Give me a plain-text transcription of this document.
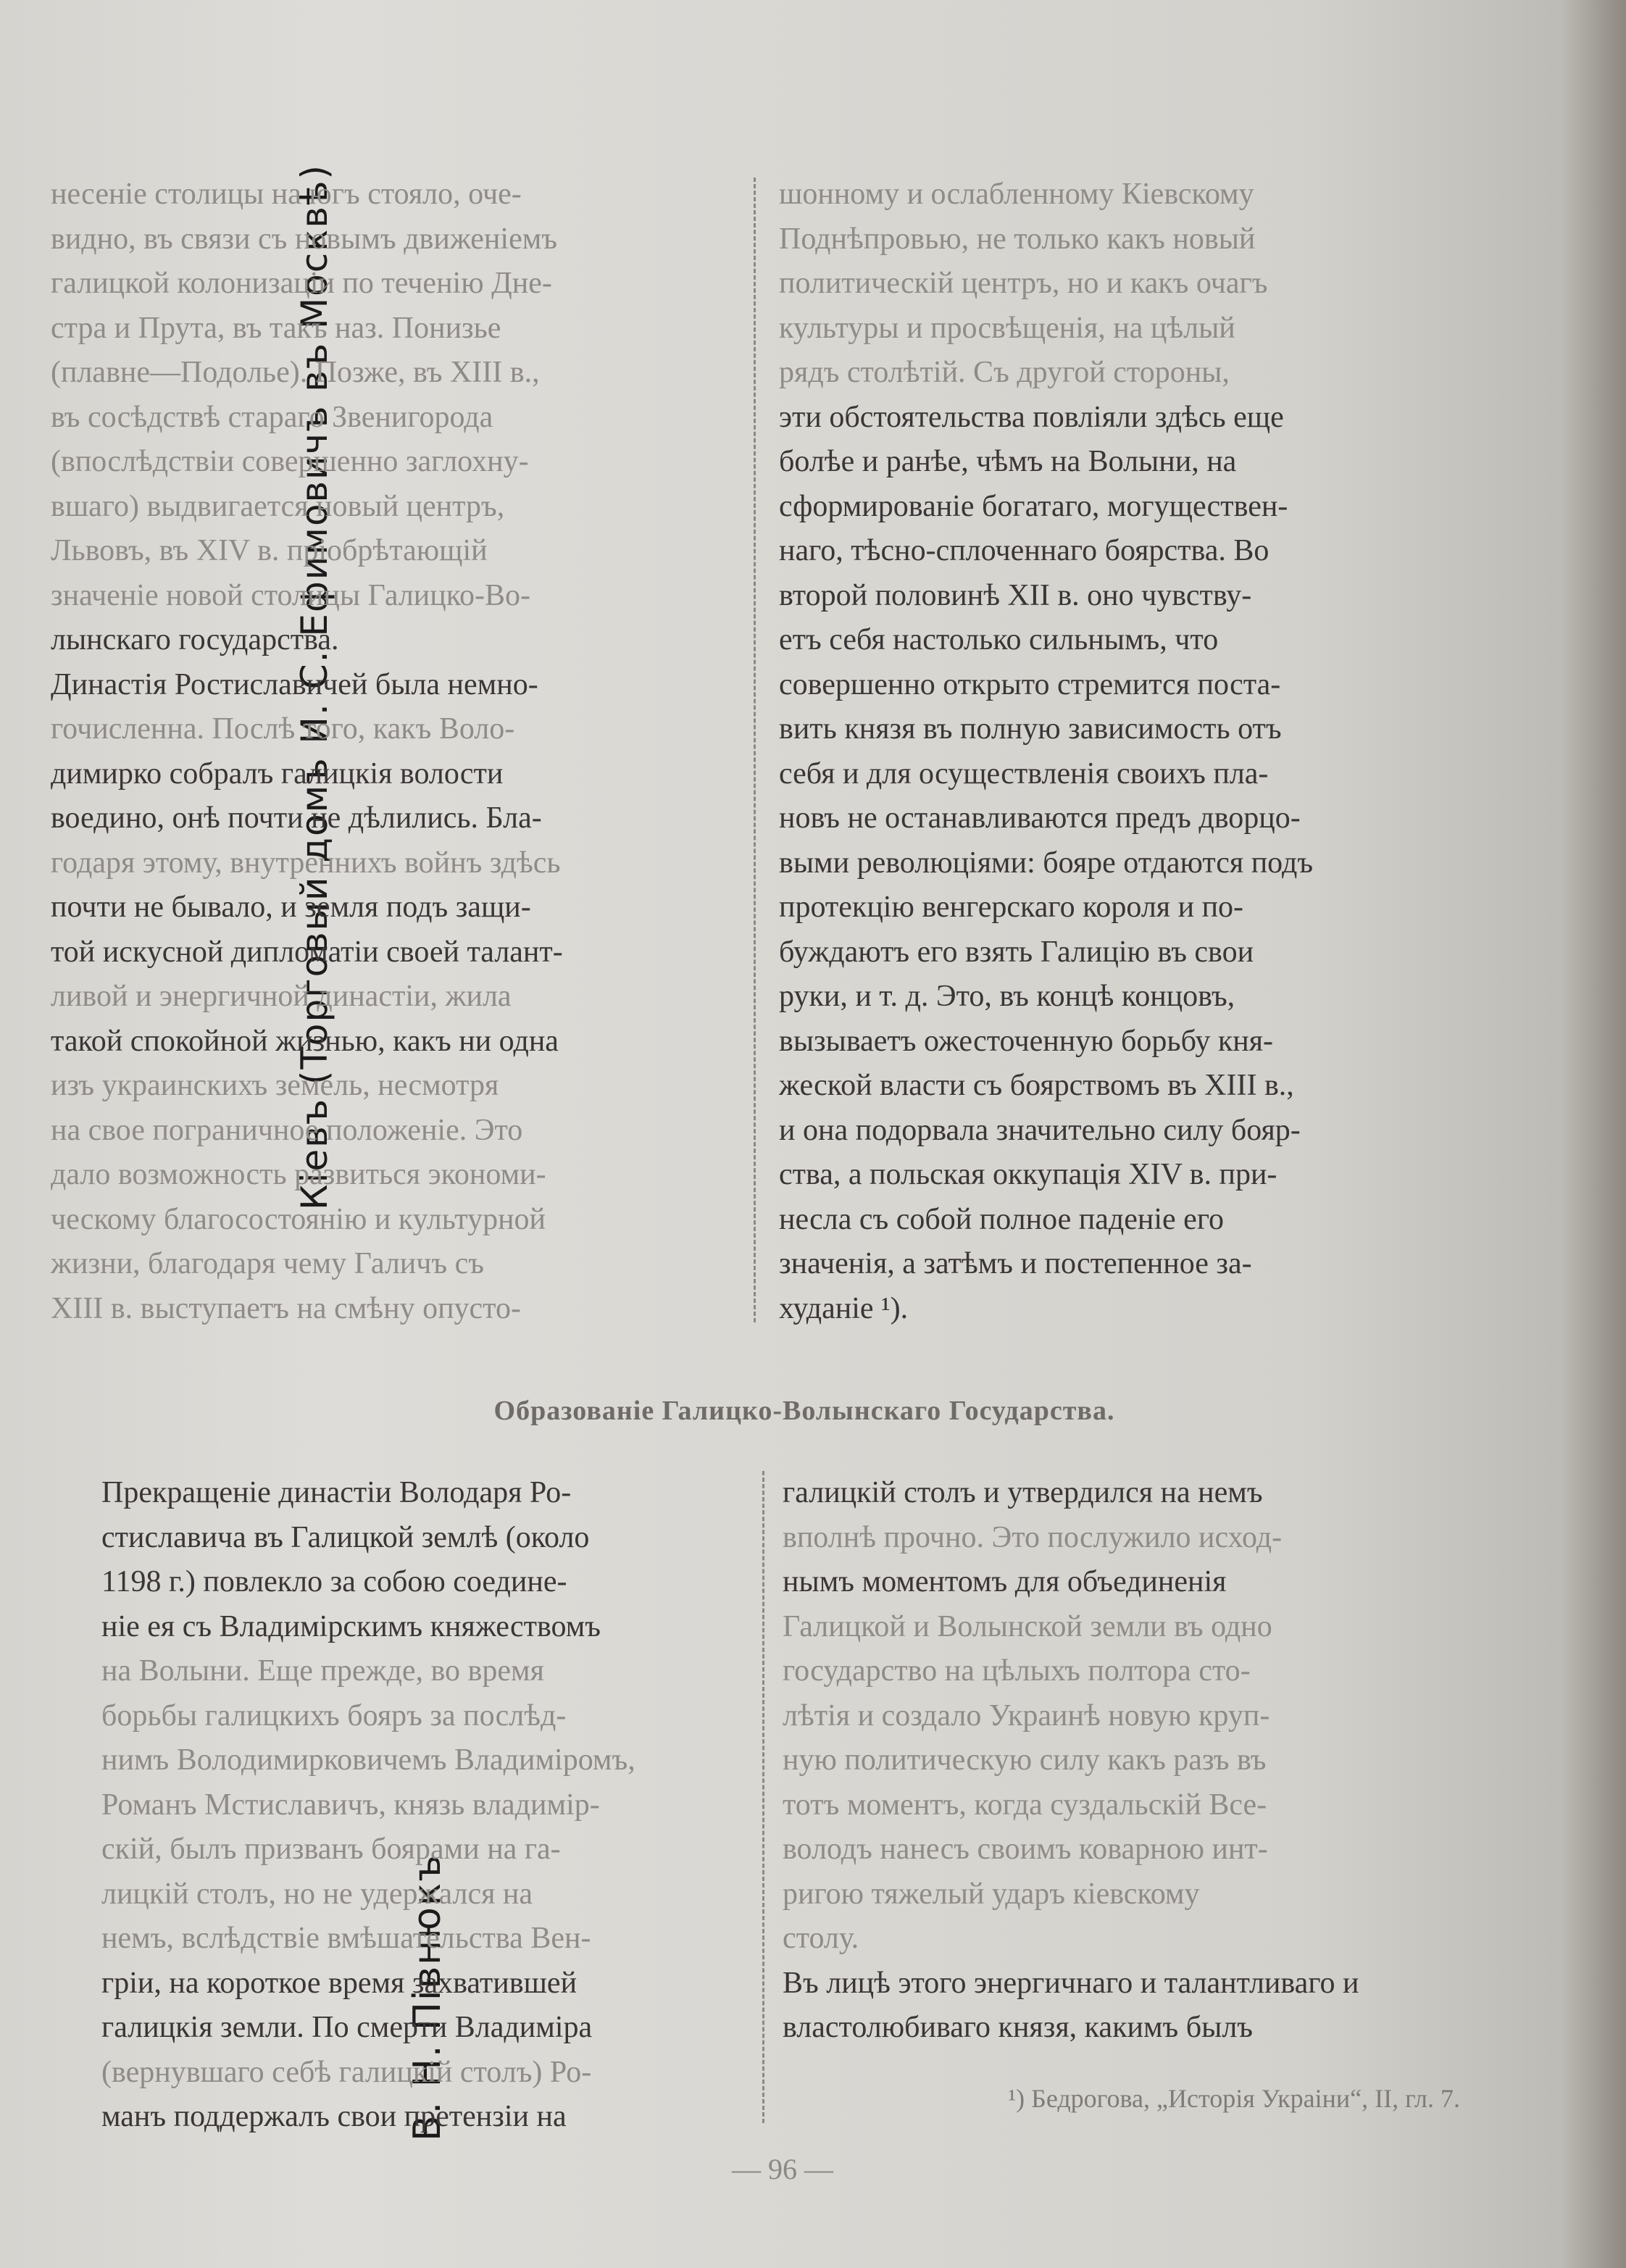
Кіевъ (Торговый домъ И. С. Ефимовичъ въ Москвѣ)
В. Н. Півнюкъ
несеніе столицы на югъ стояло, оче-
видно, въ связи съ новымъ движеніемъ
галицкой колонизаціи по теченію Дне-
стра и Прута, въ такъ наз. Понизье
(плавне—Подолье). Позже, въ XIII в.,
въ сосѣдствѣ стараго Звенигорода
(впослѣдствіи совершенно заглохну-
вшаго) выдвигается новый центръ,
Львовъ, въ XIV в. пріобрѣтающій
значеніе новой столицы Галицко-Во-
лынскаго государства.
Династія Ростиславичей была немно-
гочисленна. Послѣ того, какъ Воло-
димирко собралъ галицкія волости
воедино, онѣ почти не дѣлились. Бла-
годаря этому, внутреннихъ войнъ здѣсь
почти не бывало, и земля подъ защи-
той искусной дипломатіи своей талант-
ливой и энергичной династіи, жила
такой спокойной жизнью, какъ ни одна
изъ украинскихъ земель, несмотря
на свое пограничное положеніе. Это
дало возможность развиться экономи-
ческому благосостоянію и культурной
жизни, благодаря чему Галичъ съ
XIII в. выступаетъ на смѣну опусто-
шонному и ослабленному Кіевскому
Поднѣпровью, не только какъ новый
политическій центръ, но и какъ очагъ
культуры и просвѣщенія, на цѣлый
рядъ столѣтій. Съ другой стороны,
эти обстоятельства повліяли здѣсь еще
болѣе и ранѣе, чѣмъ на Волыни, на
сформированіе богатаго, могуществен-
наго, тѣсно-сплоченнаго боярства. Во
второй половинѣ XII в. оно чувству-
етъ себя настолько сильнымъ, что
совершенно открыто стремится поста-
вить князя въ полную зависимость отъ
себя и для осуществленія своихъ пла-
новъ не останавливаются предъ дворцо-
выми революціями: бояре отдаются подъ
протекцію венгерскаго короля и по-
буждаютъ его взять Галицію въ свои
руки, и т. д. Это, въ концѣ концовъ,
вызываетъ ожесточенную борьбу кня-
жеской власти съ боярствомъ въ XIII в.,
и она подорвала значительно силу бояр-
ства, а польская оккупація XIV в. при-
несла съ собой полное паденіе его
значенія, а затѣмъ и постепенное за-
худаніе ¹).
Образованіе Галицко-Волынскаго Государства.
Прекращеніе династіи Володаря Ро-
стиславича въ Галицкой землѣ (около
1198 г.) повлекло за собою соедине-
ніе ея съ Владимірскимъ княжествомъ
на Волыни. Еще прежде, во время
борьбы галицкихъ бояръ за послѣд-
нимъ Володимирковичемъ Владиміромъ,
Романъ Мстиславичъ, князь владимір-
скій, былъ призванъ боярами на га-
лицкій столъ, но не удержался на
немъ, вслѣдствіе вмѣшательства Вен-
гріи, на короткое время захватившей
галицкія земли. По смерти Владиміра
(вернувшаго себѣ галицкій столъ) Ро-
манъ поддержалъ свои претензіи на
галицкій столъ и утвердился на немъ
вполнѣ прочно. Это послужило исход-
нымъ моментомъ для объединенія
Галицкой и Волынской земли въ одно
государство на цѣлыхъ полтора сто-
лѣтія и создало Украинѣ новую круп-
ную политическую силу какъ разъ въ
тотъ моментъ, когда суздальскій Все-
володъ нанесъ своимъ коварною инт-
ригою тяжелый ударъ кіевскому
столу.
Въ лицѣ этого энергичнаго и талантливаго и
властолюбиваго князя, какимъ былъ
— 96 —
¹) Бедрогова, „Исторія Украіни“, II, гл. 7.
